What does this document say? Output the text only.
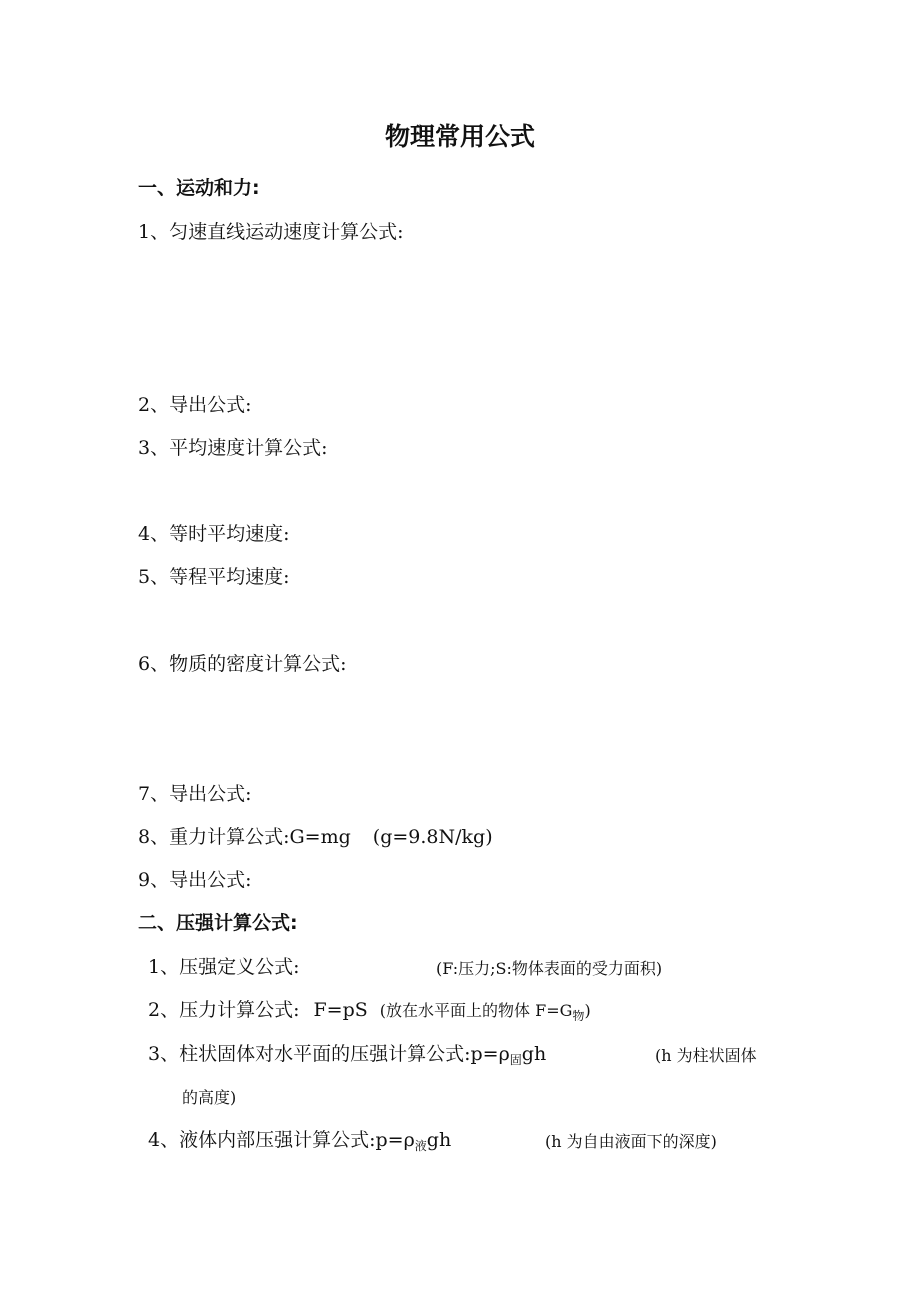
物理常用公式
一、运动和力:
1、匀速直线运动速度计算公式:
2、导出公式:
3、平均速度计算公式:
4、等时平均速度:
5、等程平均速度:
6、物质的密度计算公式:
7、导出公式:
8、重力计算公式:G=mg (g=9.8N/kg)
9、导出公式:
二、压强计算公式:
1、压强定义公式:	(F:压力;S:物体表面的受力面积)
2、压力计算公式: F=pS (放在水平面上的物体 $F=G_物$)
3、柱状固体对水平面的压强计算公式$:p=\rho_固gh$	(h 为柱状固体
的高度)
4、液体内部压强计算公式$:p=\rho_液gh$	(h 为自由液面下的深度)
